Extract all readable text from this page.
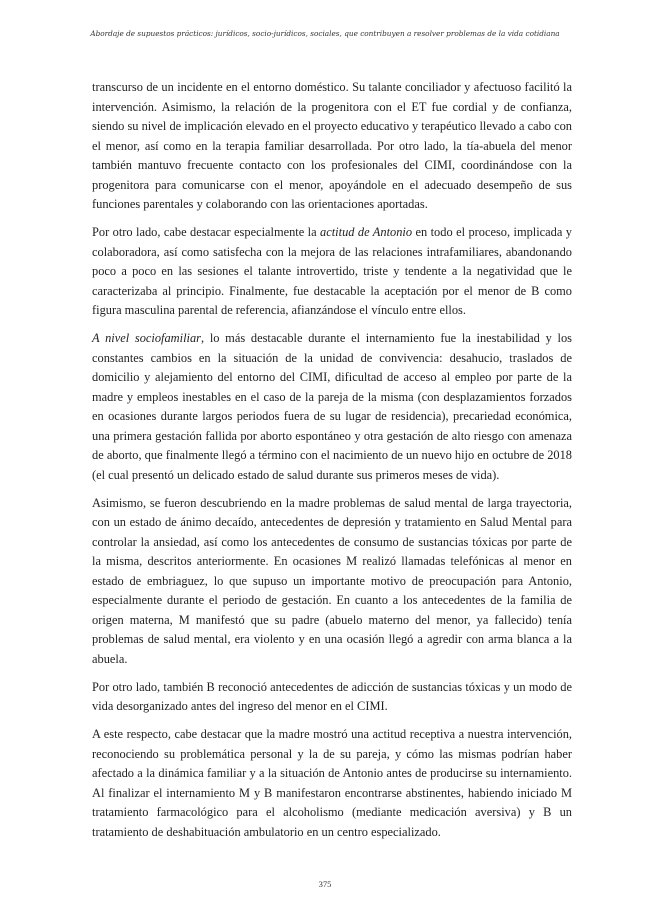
Abordaje de supuestos prácticos: jurídicos, socio-jurídicos, sociales, que contribuyen a resolver problemas de la vida cotidiana

transcurso de un incidente en el entorno doméstico. Su talante conciliador y afectuoso facilitó la intervención. Asimismo, la relación de la progenitora con el ET fue cordial y de confianza, siendo su nivel de implicación elevado en el proyecto educativo y terapéutico llevado a cabo con el menor, así como en la terapia familiar desarrollada. Por otro lado, la tía-abuela del menor también mantuvo frecuente contacto con los profesionales del CIMI, coordinándose con la progenitora para comunicarse con el menor, apoyándole en el adecuado desempeño de sus funciones parentales y colaborando con las orientaciones aportadas.

Por otro lado, cabe destacar especialmente la actitud de Antonio en todo el proceso, implicada y colaboradora, así como satisfecha con la mejora de las relaciones intrafamiliares, abandonando poco a poco en las sesiones el talante introvertido, triste y tendente a la negatividad que le caracterizaba al principio. Finalmente, fue destacable la aceptación por el menor de B como figura masculina parental de referencia, afianzándose el vínculo entre ellos.

A nivel sociofamiliar, lo más destacable durante el internamiento fue la inestabilidad y los constantes cambios en la situación de la unidad de convivencia: desahucio, traslados de domicilio y alejamiento del entorno del CIMI, dificultad de acceso al empleo por parte de la madre y empleos inestables en el caso de la pareja de la misma (con desplazamientos forzados en ocasiones durante largos periodos fuera de su lugar de residencia), precariedad económica, una primera gestación fallida por aborto espontáneo y otra gestación de alto riesgo con amenaza de aborto, que finalmente llegó a término con el nacimiento de un nuevo hijo en octubre de 2018 (el cual presentó un delicado estado de salud durante sus primeros meses de vida).

Asimismo, se fueron descubriendo en la madre problemas de salud mental de larga trayectoria, con un estado de ánimo decaído, antecedentes de depresión y tratamiento en Salud Mental para controlar la ansiedad, así como los antecedentes de consumo de sustancias tóxicas por parte de la misma, descritos anteriormente. En ocasiones M realizó llamadas telefónicas al menor en estado de embriaguez, lo que supuso un importante motivo de preocupación para Antonio, especialmente durante el periodo de gestación. En cuanto a los antecedentes de la familia de origen materna, M manifestó que su padre (abuelo materno del menor, ya fallecido) tenía problemas de salud mental, era violento y en una ocasión llegó a agredir con arma blanca a la abuela.

Por otro lado, también B reconoció antecedentes de adicción de sustancias tóxicas y un modo de vida desorganizado antes del ingreso del menor en el CIMI.

A este respecto, cabe destacar que la madre mostró una actitud receptiva a nuestra intervención, reconociendo su problemática personal y la de su pareja, y cómo las mismas podrían haber afectado a la dinámica familiar y a la situación de Antonio antes de producirse su internamiento. Al finalizar el internamiento M y B manifestaron encontrarse abstinentes, habiendo iniciado M tratamiento farmacológico para el alcoholismo (mediante medicación aversiva) y B un tratamiento de deshabituación ambulatorio en un centro especializado.

375
